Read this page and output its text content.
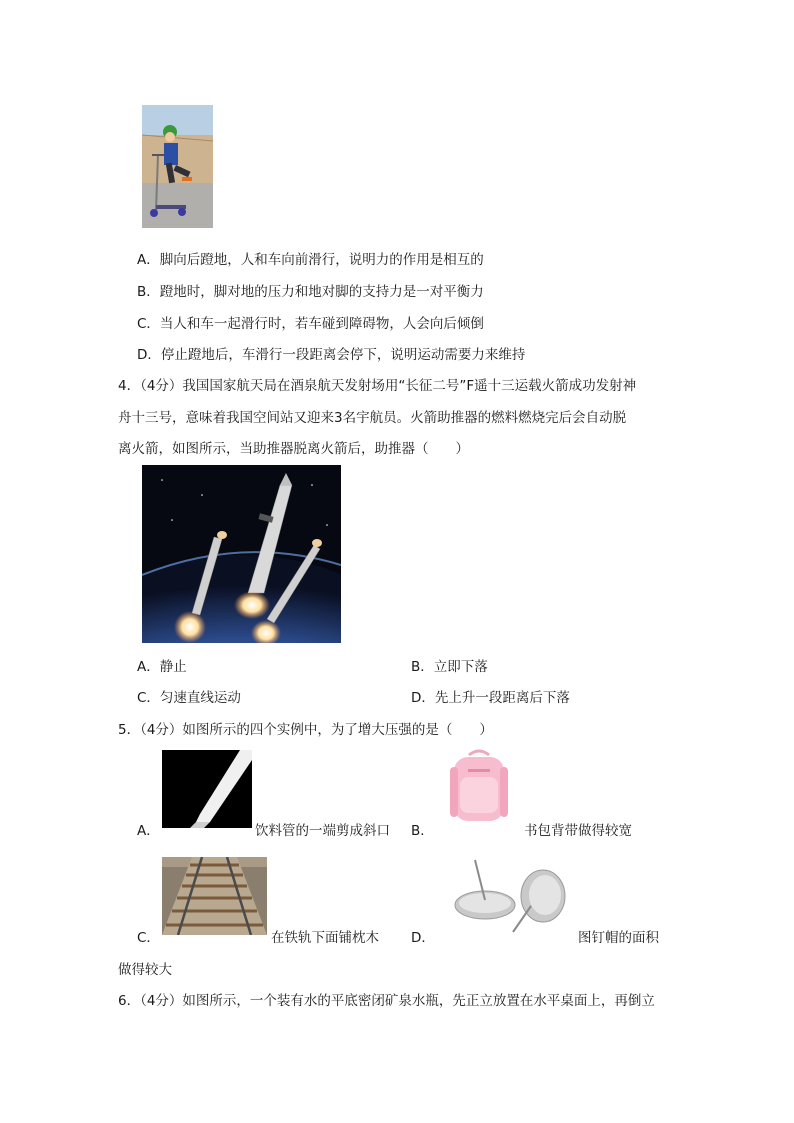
A．脚向后蹬地，人和车向前滑行，说明力的作用是相互的
B．蹬地时，脚对地的压力和地对脚的支持力是一对平衡力
C．当人和车一起滑行时，若车碰到障碍物，人会向后倾倒
D．停止蹬地后，车滑行一段距离会停下，说明运动需要力来维持
4．（4分）我国国家航天局在酒泉航天发射场用“长征二号”F遥十三运载火箭成功发射神
舟十三号，意味着我国空间站又迎来3名宇航员。火箭助推器的燃料燃烧完后会自动脱
离火箭，如图所示，当助推器脱离火箭后，助推器（　　）
A．静止	B．立即下落
C．匀速直线运动	D．先上升一段距离后下落
5．（4分）如图所示的四个实例中，为了增大压强的是（　　）
A．	饮料管的一端剪成斜口 B．	书包背带做得较宽
C．	在铁轨下面铺枕木 D．	图钉帽的面积
做得较大
6．（4分）如图所示，一个装有水的平底密闭矿泉水瓶，先正立放置在水平桌面上，再倒立
